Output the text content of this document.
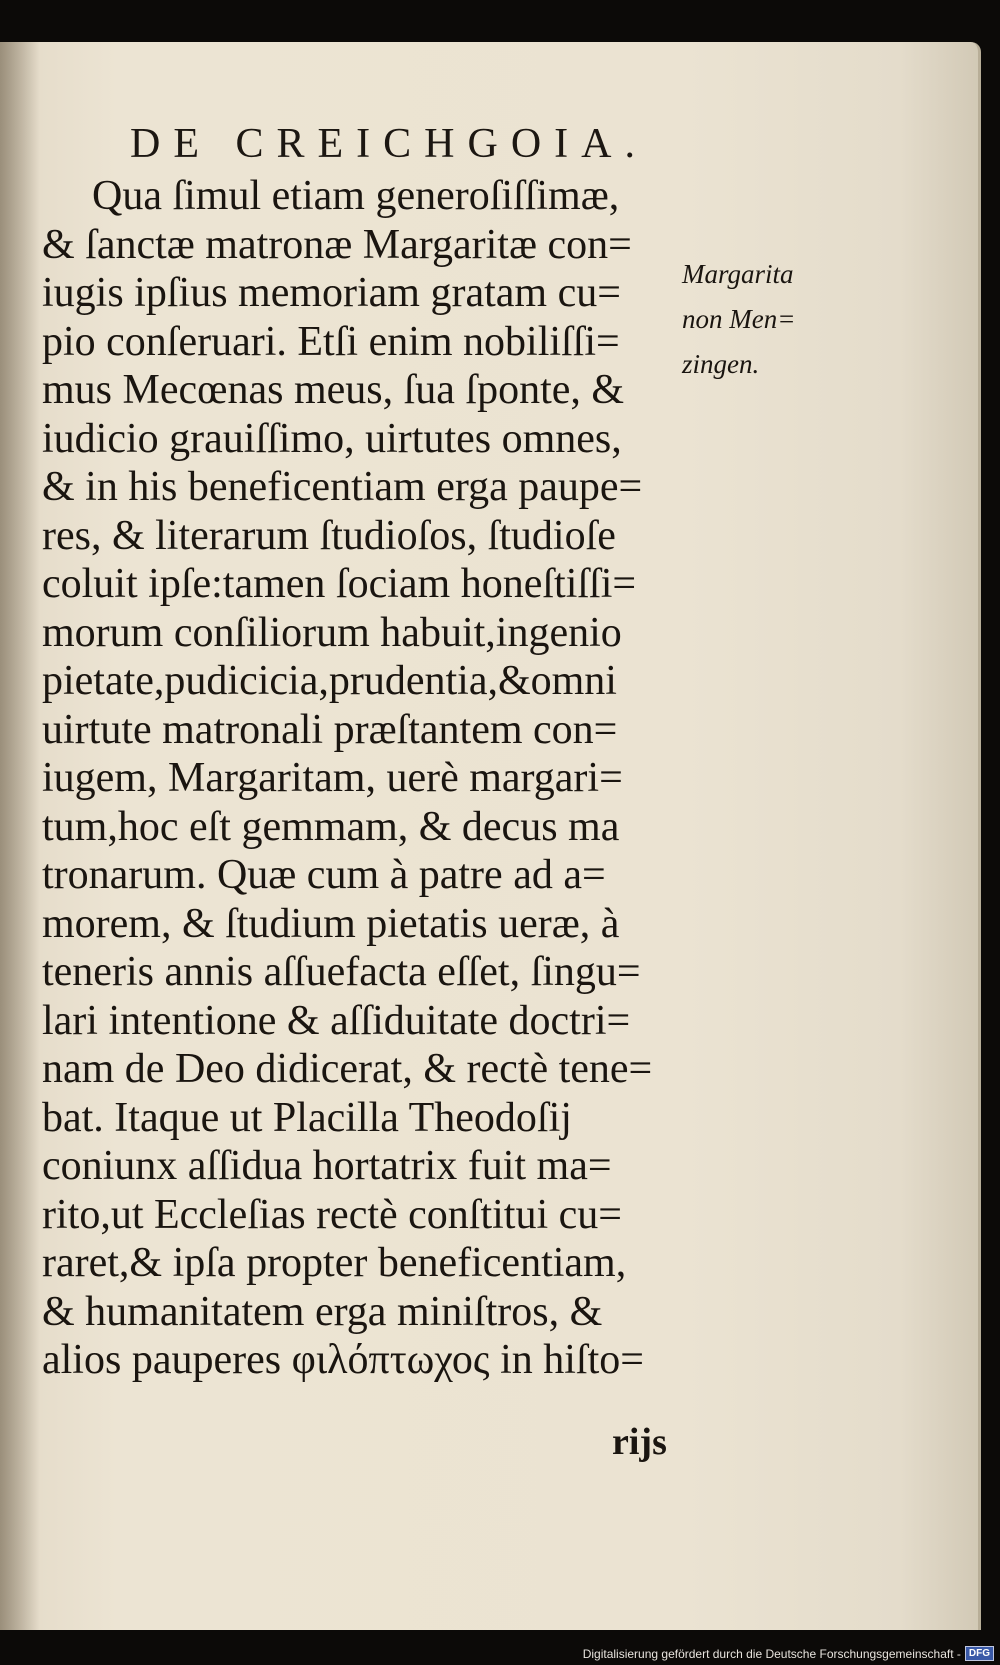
DE CREICHGOIA.
Qua ſimul etiam generoſiſſimæ,
& ſanctæ matronæ Margaritæ con=
iugis ipſius memoriam gratam cu=
pio conſeruari. Etſi enim nobiliſſi=
mus Mecœnas meus, ſua ſponte, &
iudicio grauiſſimo, uirtutes omnes,
& in his beneficentiam erga paupe=
res, & literarum ſtudioſos, ſtudioſe
coluit ipſe:tamen ſociam honeſtiſſi=
morum conſiliorum habuit,ingenio
pietate,pudicicia,prudentia,&omni
uirtute matronali præſtantem con=
iugem, Margaritam, uerè margari=
tum,hoc eſt gemmam, & decus ma
tronarum. Quæ cum à patre ad a=
morem, & ſtudium pietatis ueræ, à
teneris annis aſſuefacta eſſet, ſingu=
lari intentione & aſſiduitate doctri=
nam de Deo didicerat, & rectè tene=
bat. Itaque ut Placilla Theodoſij
coniunx aſſidua hortatrix fuit ma=
rito,ut Eccleſias rectè conſtitui cu=
raret,& ipſa propter beneficentiam,
& humanitatem erga miniſtros, &
alios pauperes φιλόπτωχος in hiſto=
Margarita
non Men=
zingen.
rijs
Digitalisierung gefördert durch die Deutsche Forschungsgemeinschaft - DFG
